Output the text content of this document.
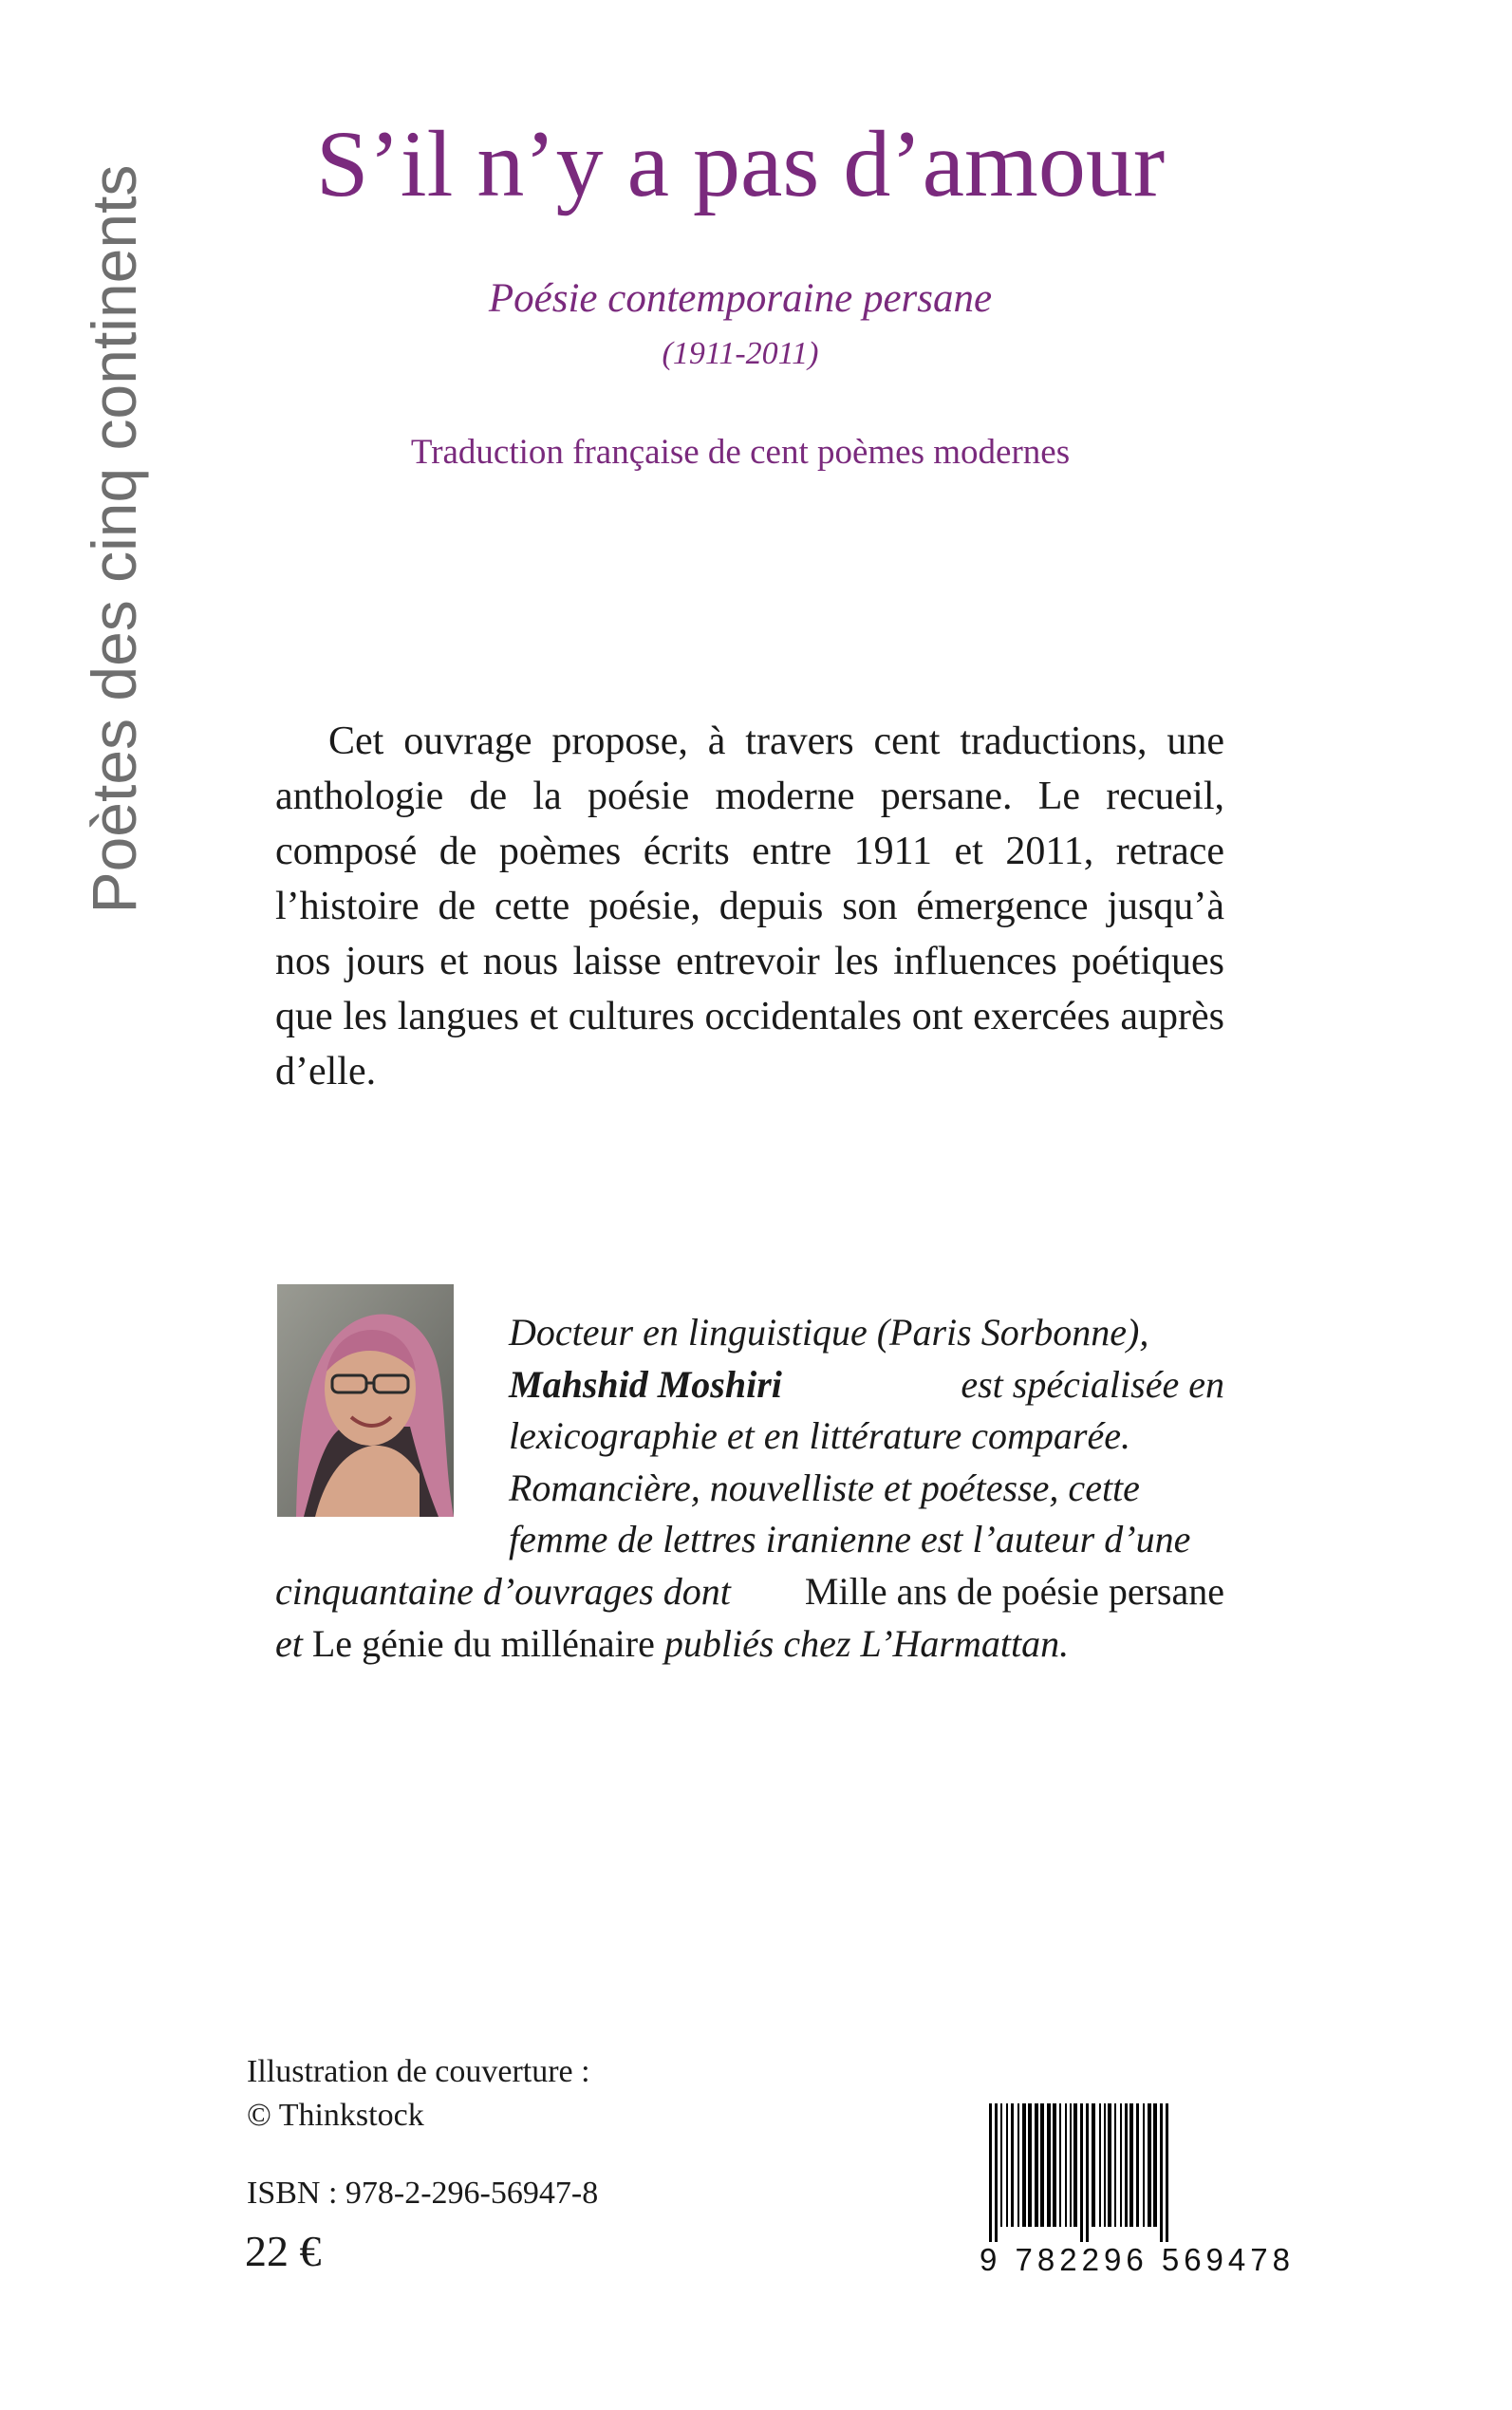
Poètes des cinq continents
S’il n’y a pas d’amour
Poésie contemporaine persane
(1911-2011)
Traduction française de cent poèmes modernes

Cet ouvrage propose, à travers cent traductions, une anthologie de la poésie moderne persane. Le recueil, composé de poèmes écrits entre 1911 et 2011, retrace l’histoire de cette poésie, depuis son émergence jusqu’à nos jours et nous laisse entrevoir les influences poétiques que les langues et cultures occidentales ont exercées auprès d’elle.

Docteur en linguistique (Paris Sorbonne),
Mahshid Moshiri	est spécialisée en
lexicographie et en littérature comparée.
Romancière, nouvelliste et poétesse, cette
femme de lettres iranienne est l’auteur d’une
cinquantaine d’ouvrages dont Mille ans de poésie persane
et
Le génie du millénaire
publiés chez L’Harmattan.
Illustration de couverture :
© Thinkstock
ISBN : 978-2-296-56947-8
22 €	9 782296 569478
